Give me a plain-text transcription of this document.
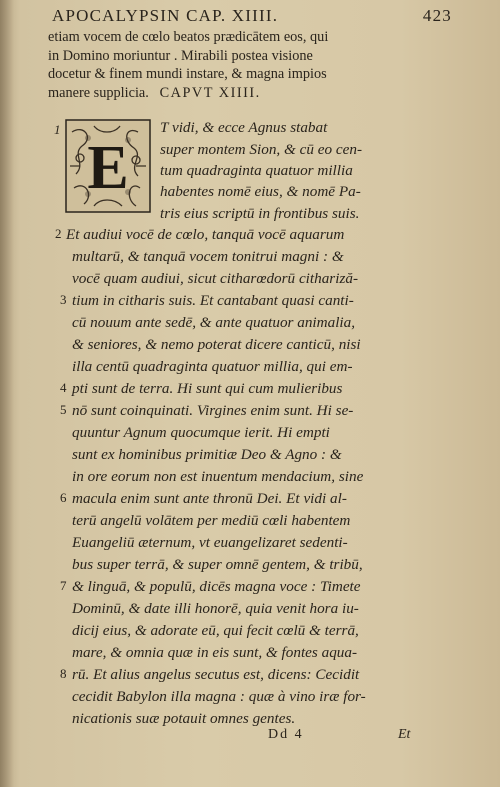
APOCALYPSIN CAP. XIIII.	423
etiam vocem de cœlo beatos prædicātem eos, qui
in Domino moriuntur . Mirabili postea visione
docetur & finem mundi instare, & magna impios
manere supplicia. CAPVT XIIII.
E
1	T vidi, & ecce Agnus stabat
super montem Sion, & cū eo cen-
tum quadraginta quatuor millia
habentes nomē eius, & nomē Pa-
tris eius scriptū in frontibus suis.
2 Et audiui vocē de cœlo, tanquā vocē aquarum
multarū, & tanquā vocem tonitrui magni : &
vocē quam audiui, sicut citharœdorū cithariză-
3 tium in citharis suis. Et cantabant quasi canti-
cū nouum ante sedē, & ante quatuor animalia,
& seniores, & nemo poterat dicere canticū, nisi
illa centū quadraginta quatuor millia, qui em-
4 pti sunt de terra. Hi sunt qui cum mulieribus
5 nō sunt coinquinati. Virgines enim sunt. Hi se-
quuntur Agnum quocumque ierit. Hi empti
sunt ex hominibus primitiæ Deo & Agno : &
in ore eorum non est inuentum mendacium, sine
6 macula enim sunt ante thronū Dei. Et vidi al-
terū angelū volātem per mediū cœli habentem
Euangeliū æternum, vt euangelizaret sedenti-
bus super terrā, & super omnē gentem, & tribū,
7 & linguā, & populū, dicēs magna voce : Timete
Dominū, & date illi honorē, quia venit hora iu-
dicij eius, & adorate eū, qui fecit cœlū & terrā,
mare, & omnia quæ in eis sunt, & fontes aqua-
8 rū. Et alius angelus secutus est, dicens: Cecidit
cecidit Babylon illa magna : quæ à vino iræ for-
nicationis suæ potauit omnes gentes.
Dd 4	Et
